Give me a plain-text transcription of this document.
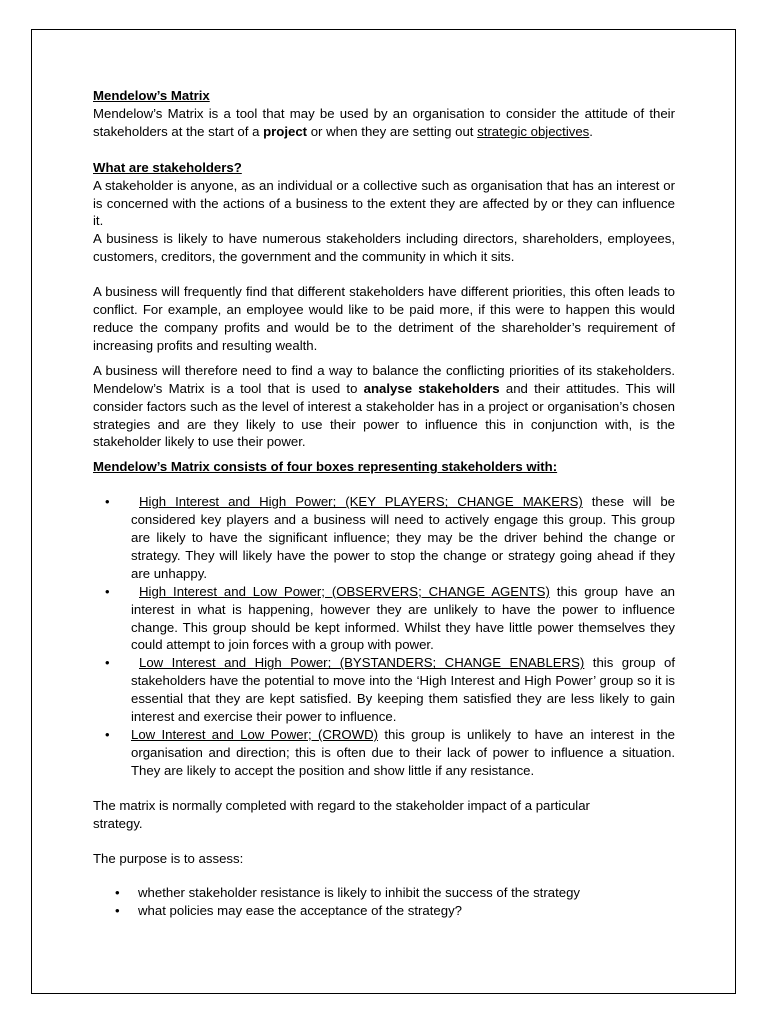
Mendelow’s Matrix

Mendelow’s Matrix is a tool that may be used by an organisation to consider the attitude of their stakeholders at the start of a project or when they are setting out strategic objectives.

What are stakeholders?

A stakeholder is anyone, as an individual or a collective such as organisation that has an interest or is concerned with the actions of a business to the extent they are affected by or they can influence it.

A business is likely to have numerous stakeholders including directors, shareholders, employees, customers, creditors, the government and the community in which it sits.

A business will frequently find that different stakeholders have different priorities, this often leads to conflict. For example, an employee would like to be paid more, if this were to happen this would reduce the company profits and would be to the detriment of the shareholder’s requirement of increasing profits and resulting wealth.

A business will therefore need to find a way to balance the conflicting priorities of its stakeholders. Mendelow’s Matrix is a tool that is used to analyse stakeholders and their attitudes. This will consider factors such as the level of interest a stakeholder has in a project or organisation’s chosen strategies and are they likely to use their power to influence this in conjunction with, is the stakeholder likely to use their power.

Mendelow’s Matrix consists of four boxes representing stakeholders with:

• High Interest and High Power; (KEY PLAYERS; CHANGE MAKERS) these will be considered key players and a business will need to actively engage this group. This group are likely to have the significant influence; they may be the driver behind the change or strategy. They will likely have the power to stop the change or strategy going ahead if they are unhappy.
• High Interest and Low Power; (OBSERVERS; CHANGE AGENTS) this group have an interest in what is happening, however they are unlikely to have the power to influence change. This group should be kept informed. Whilst they have little power themselves they could attempt to join forces with a group with power.
• Low Interest and High Power; (BYSTANDERS; CHANGE ENABLERS) this group of stakeholders have the potential to move into the ‘High Interest and High Power’ group so it is essential that they are kept satisfied. By keeping them satisfied they are less likely to gain interest and exercise their power to influence.
• Low Interest and Low Power; (CROWD) this group is unlikely to have an interest in the organisation and direction; this is often due to their lack of power to influence a situation. They are likely to accept the position and show little if any resistance.

The matrix is normally completed with regard to the stakeholder impact of a particular
strategy.

The purpose is to assess:

• whether stakeholder resistance is likely to inhibit the success of the strategy
• what policies may ease the acceptance of the strategy?
